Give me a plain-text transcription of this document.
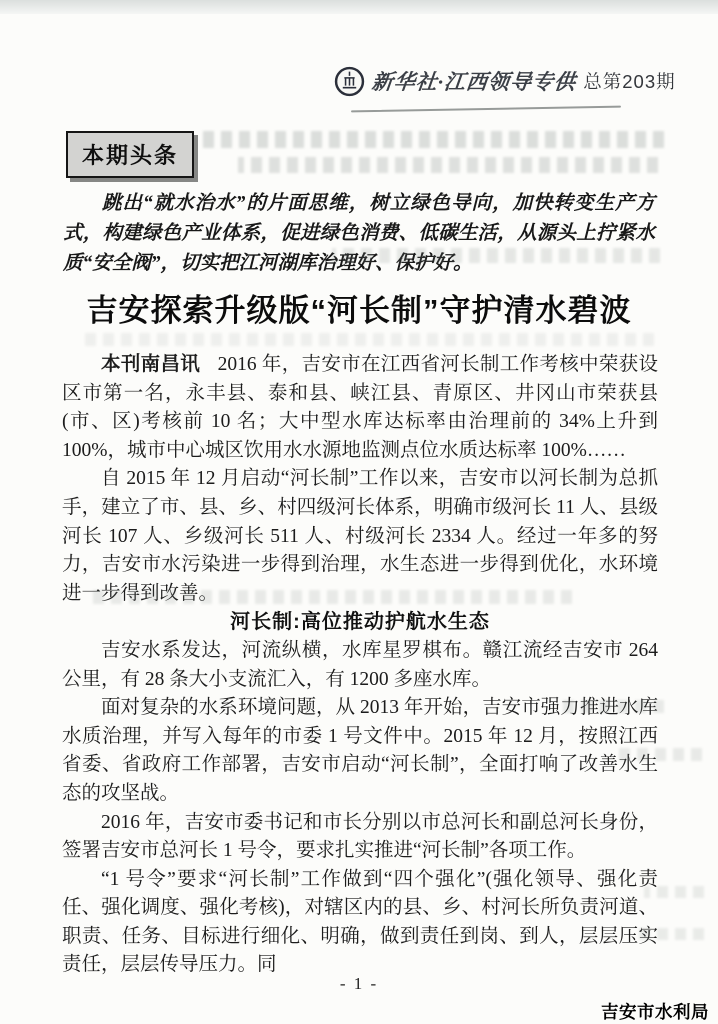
新华社·江西领导专供 总第203期
本期头条
跳出“就水治水”的片面思维，树立绿色导向，加快转变生产方式，构建绿色产业体系，促进绿色消费、低碳生活，从源头上拧紧水质“安全阀”，切实把江河湖库治理好、保护好。
吉安探索升级版“河长制”守护清水碧波

本刊南昌讯 2016 年，吉安市在江西省河长制工作考核中荣获设区市第一名，永丰县、泰和县、峡江县、青原区、井冈山市荣获县(市、区)考核前 10 名；大中型水库达标率由治理前的 34%上升到 100%，城市中心城区饮用水水源地监测点位水质达标率 100%……

自 2015 年 12 月启动“河长制”工作以来，吉安市以河长制为总抓手，建立了市、县、乡、村四级河长体系，明确市级河长 11 人、县级河长 107 人、乡级河长 511 人、村级河长 2334 人。经过一年多的努力，吉安市水污染进一步得到治理，水生态进一步得到优化，水环境进一步得到改善。

河长制:高位推动护航水生态

吉安水系发达，河流纵横，水库星罗棋布。赣江流经吉安市 264 公里，有 28 条大小支流汇入，有 1200 多座水库。

面对复杂的水系环境问题，从 2013 年开始，吉安市强力推进水库水质治理，并写入每年的市委 1 号文件中。2015 年 12 月，按照江西省委、省政府工作部署，吉安市启动“河长制”，全面打响了改善水生态的攻坚战。

2016 年，吉安市委书记和市长分别以市总河长和副总河长身份，签署吉安市总河长 1 号令，要求扎实推进“河长制”各项工作。

“1 号令”要求“河长制”工作做到“四个强化”(强化领导、强化责任、强化调度、强化考核)，对辖区内的县、乡、村河长所负责河道、职责、任务、目标进行细化、明确，做到责任到岗、到人，层层压实责任，层层传导压力。同

- 1 -
吉安市水利局
